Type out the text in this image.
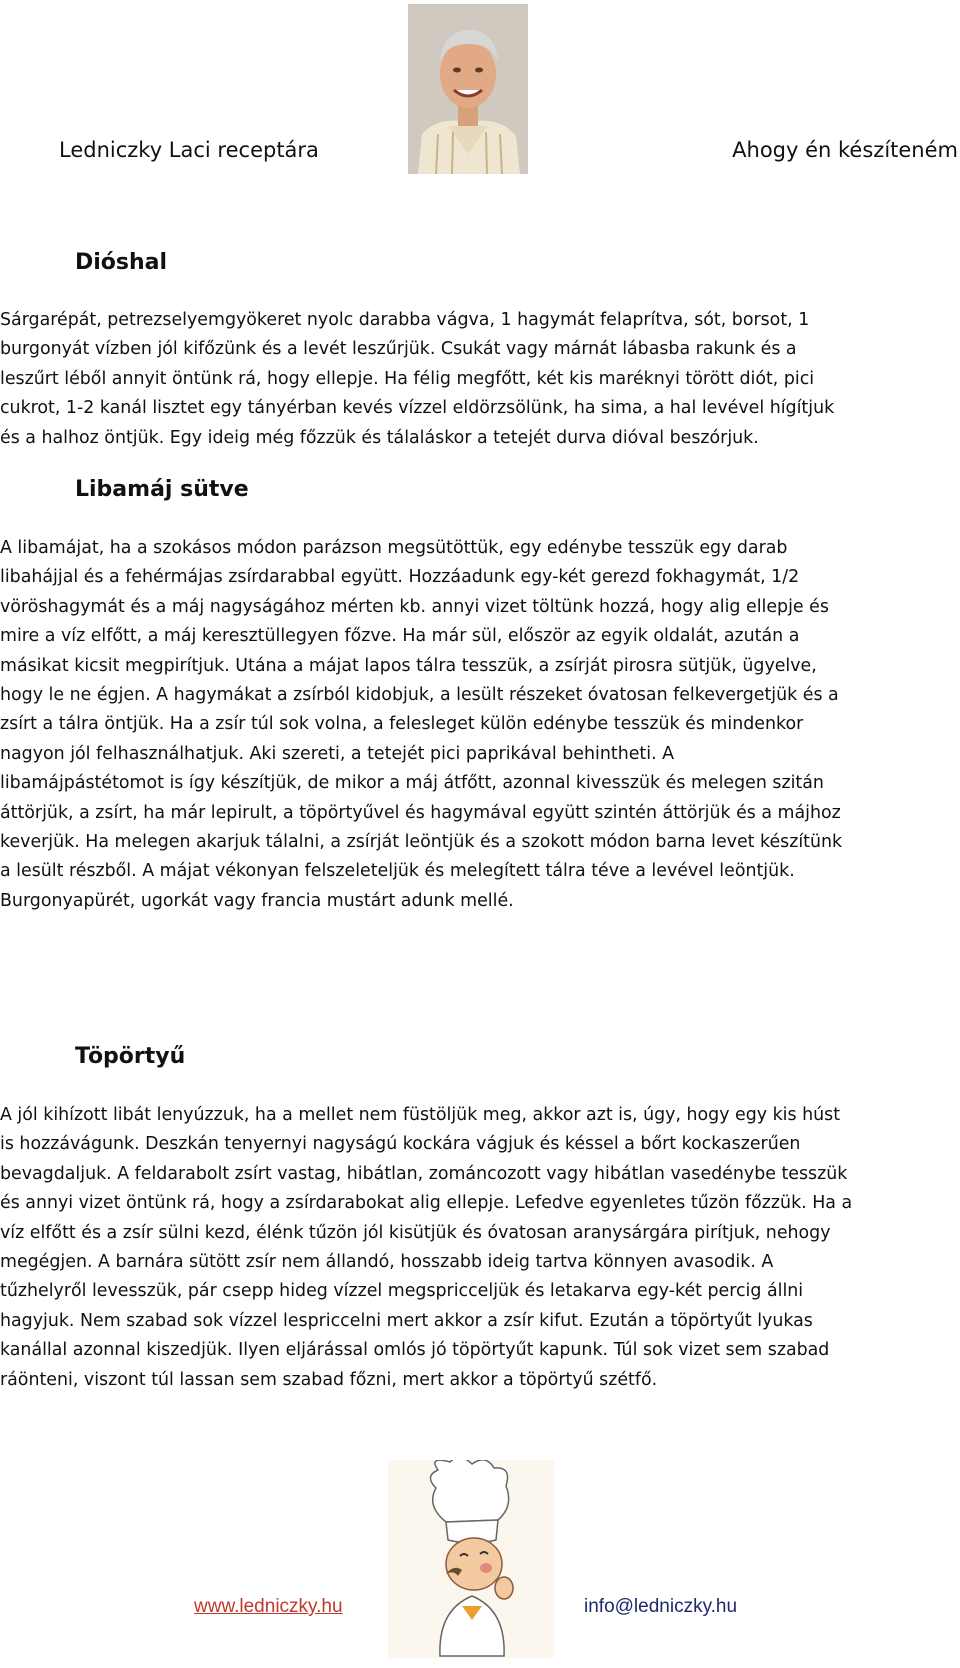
Ledniczky Laci receptára	Ahogy én készíteném
Dióshal
Sárgarépát, petrezselyemgyökeret nyolc darabba vágva, 1 hagymát felaprítva, sót, borsot, 1
burgonyát vízben jól kifőzünk és a levét leszűrjük. Csukát vagy márnát lábasba rakunk és a
leszűrt léből annyit öntünk rá, hogy ellepje. Ha félig megfőtt, két kis maréknyi törött diót, pici
cukrot, 1-2 kanál lisztet egy tányérban kevés vízzel eldörzsölünk, ha sima, a hal levével hígítjuk
és a halhoz öntjük. Egy ideig még főzzük és tálaláskor a tetejét durva dióval beszórjuk.
Libamáj sütve
A libamájat, ha a szokásos módon parázson megsütöttük, egy edénybe tesszük egy darab
libahájjal és a fehérmájas zsírdarabbal együtt. Hozzáadunk egy-két gerezd fokhagymát, 1/2
vöröshagymát és a máj nagyságához mérten kb. annyi vizet töltünk hozzá, hogy alig ellepje és
mire a víz elfőtt, a máj keresztüllegyen főzve. Ha már sül, először az egyik oldalát, azután a
másikat kicsit megpirítjuk. Utána a májat lapos tálra tesszük, a zsírját pirosra sütjük, ügyelve,
hogy le ne égjen. A hagymákat a zsírból kidobjuk, a lesült részeket óvatosan felkevergetjük és a
zsírt a tálra öntjük. Ha a zsír túl sok volna, a felesleget külön edénybe tesszük és mindenkor
nagyon jól felhasználhatjuk. Aki szereti, a tetejét pici paprikával behintheti. A
libamájpástétomot is így készítjük, de mikor a máj átfőtt, azonnal kivesszük és melegen szitán
áttörjük, a zsírt, ha már lepirult, a töpörtyűvel és hagymával együtt szintén áttörjük és a májhoz
keverjük. Ha melegen akarjuk tálalni, a zsírját leöntjük és a szokott módon barna levet készítünk
a lesült részből. A májat vékonyan felszeleteljük és melegített tálra téve a levével leöntjük.
Burgonyapürét, ugorkát vagy francia mustárt adunk mellé.
Töpörtyű
A jól kihízott libát lenyúzzuk, ha a mellet nem füstöljük meg, akkor azt is, úgy, hogy egy kis húst
is hozzávágunk. Deszkán tenyernyi nagyságú kockára vágjuk és késsel a bőrt kockaszerűen
bevagdaljuk. A feldarabolt zsírt vastag, hibátlan, zománcozott vagy hibátlan vasedénybe tesszük
és annyi vizet öntünk rá, hogy a zsírdarabokat alig ellepje. Lefedve egyenletes tűzön főzzük. Ha a
víz elfőtt és a zsír sülni kezd, élénk tűzön jól kisütjük és óvatosan aranysárgára pirítjuk, nehogy
megégjen. A barnára sütött zsír nem állandó, hosszabb ideig tartva könnyen avasodik. A
tűzhelyről levesszük, pár csepp hideg vízzel megspricceljük és letakarva egy-két percig állni
hagyjuk. Nem szabad sok vízzel lespriccelni mert akkor a zsír kifut. Ezután a töpörtyűt lyukas
kanállal azonnal kiszedjük. Ilyen eljárással omlós jó töpörtyűt kapunk. Túl sok vizet sem szabad
ráönteni, viszont túl lassan sem szabad főzni, mert akkor a töpörtyű szétfő.
www.ledniczky.hu	info@ledniczky.hu
